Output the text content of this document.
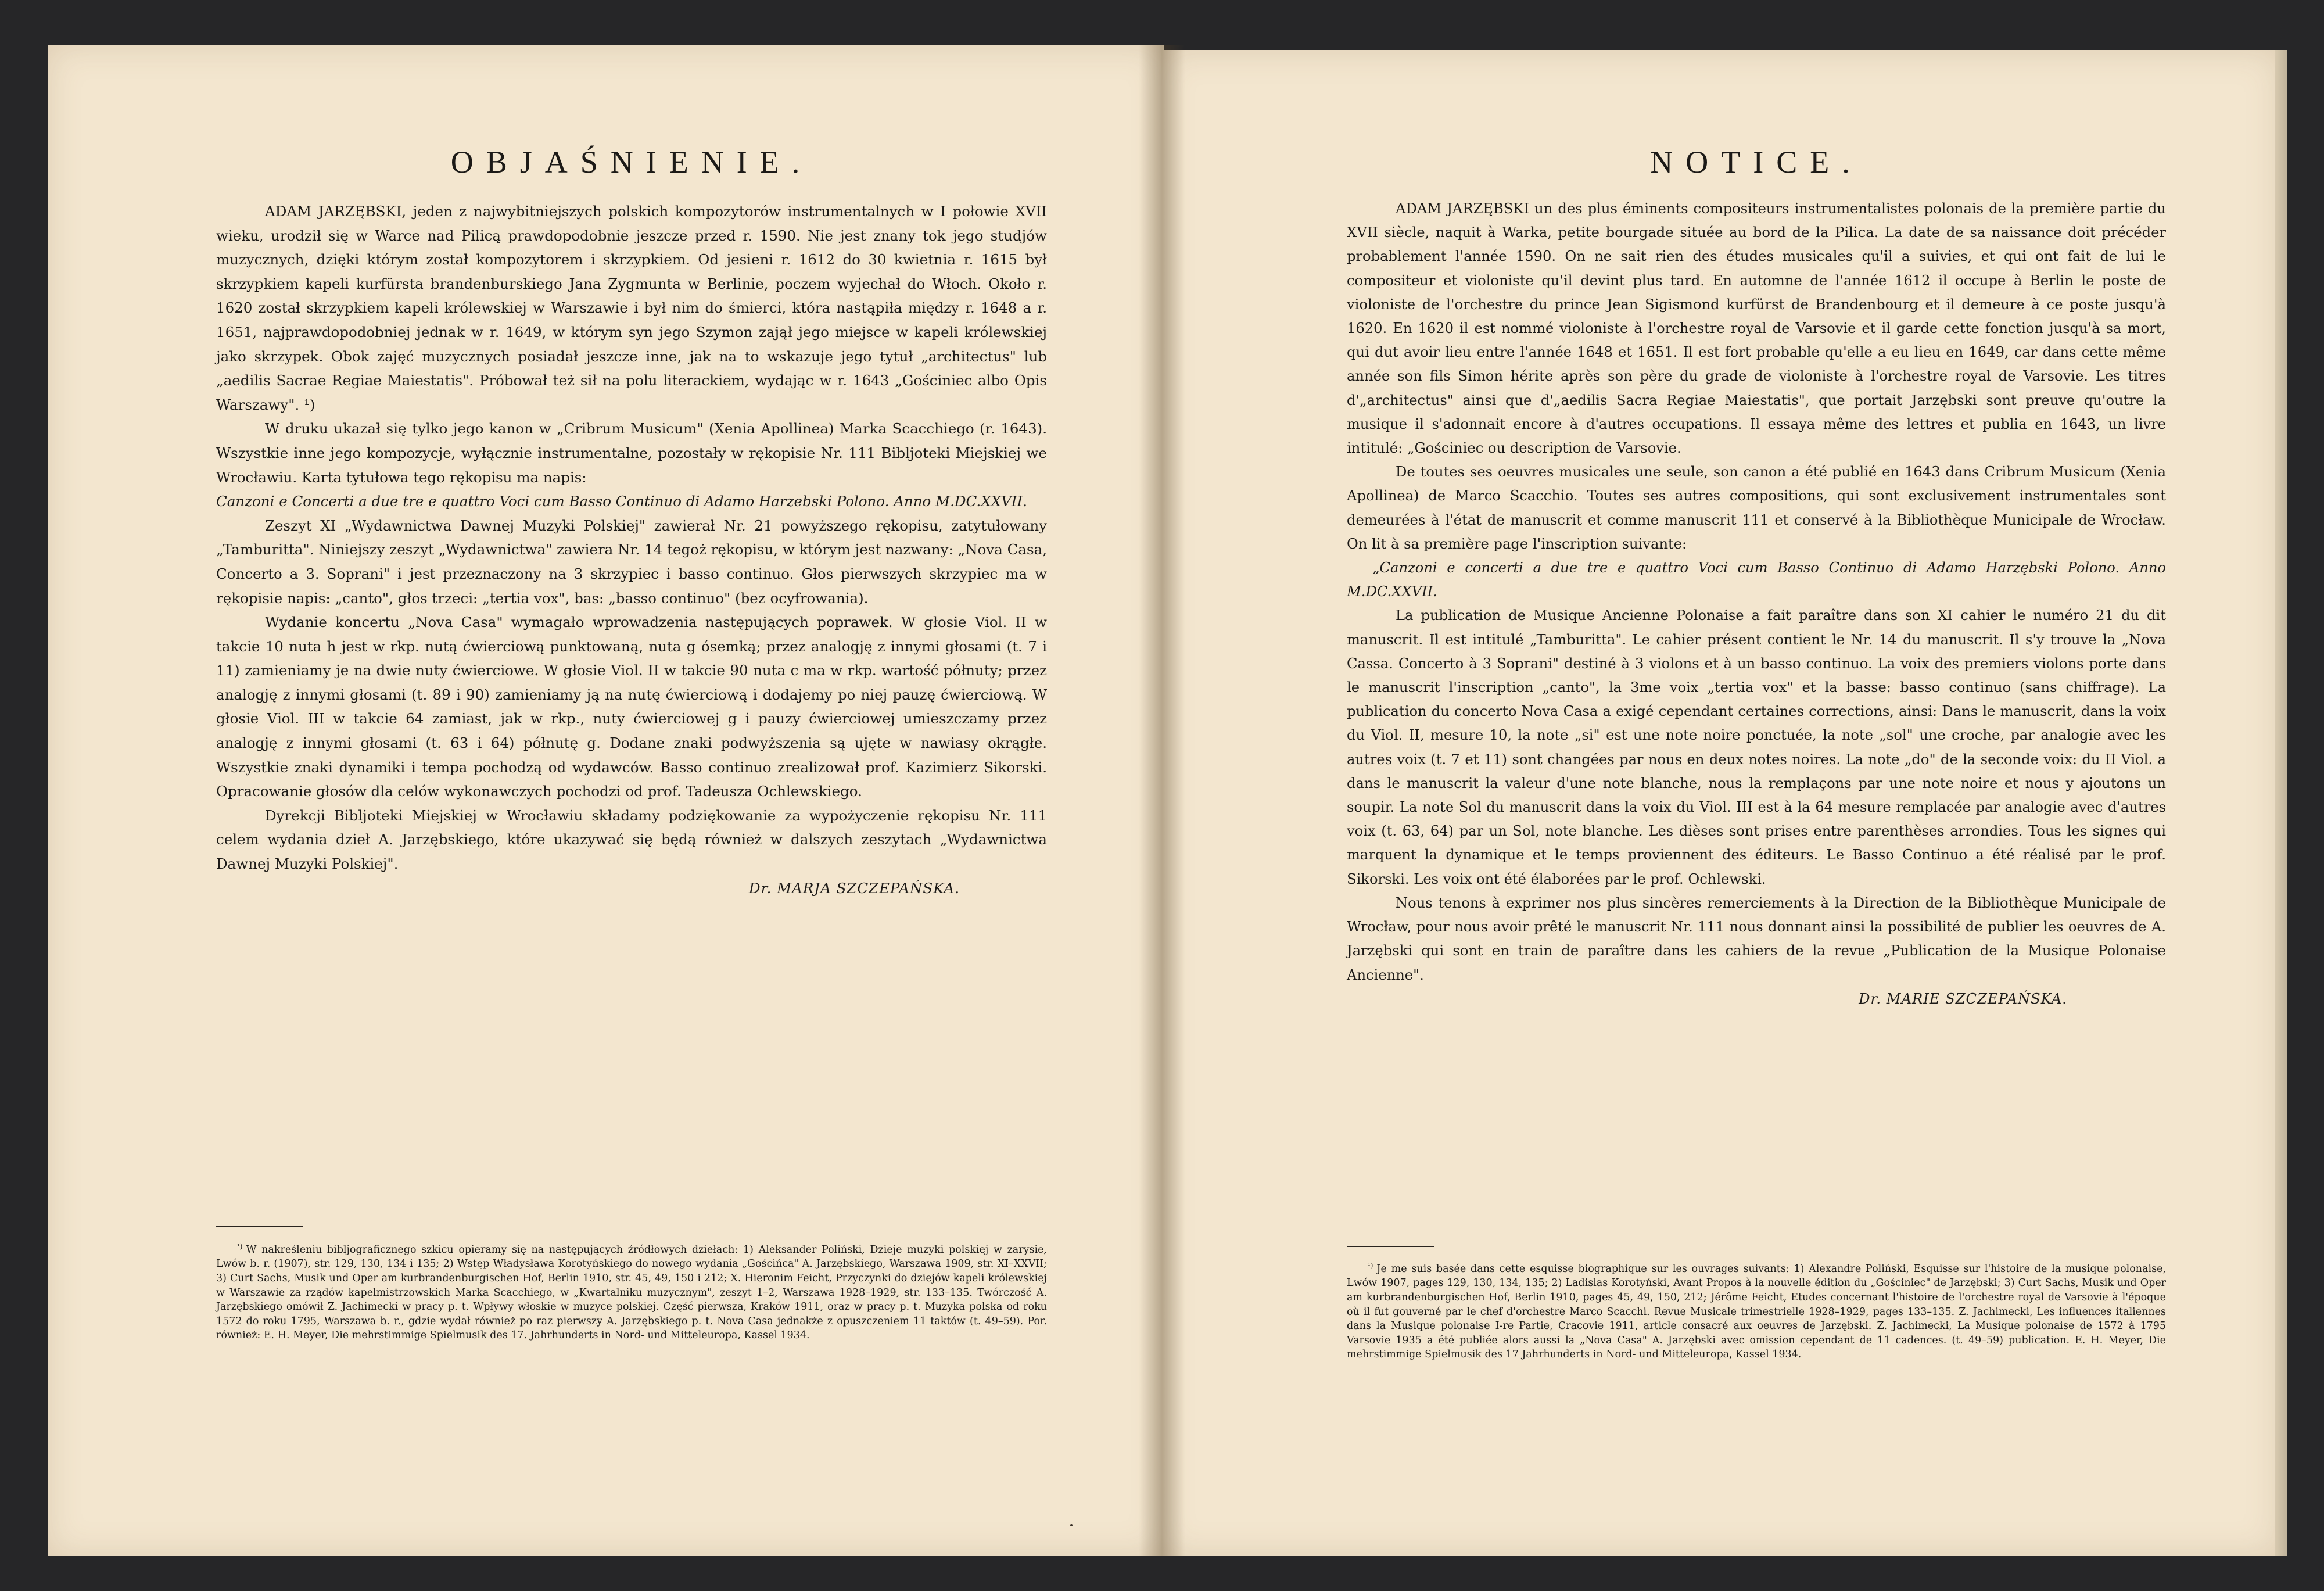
OBJAŚNIENIE.

ADAM JARZĘBSKI, jeden z najwybitniejszych polskich kompozytorów instrumentalnych w I połowie XVII wieku, urodził się w Warce nad Pilicą prawdopodobnie jeszcze przed r. 1590. Nie jest znany tok jego studjów muzycznych, dzięki którym został kompozytorem i skrzypkiem. Od jesieni r. 1612 do 30 kwietnia r. 1615 był skrzypkiem kapeli kurfürsta brandenburskiego Jana Zygmunta w Berlinie, poczem wyjechał do Włoch. Około r. 1620 został skrzypkiem kapeli królewskiej w Warszawie i był nim do śmierci, która nastąpiła między r. 1648 a r. 1651, najprawdopodobniej jednak w r. 1649, w którym syn jego Szymon zajął jego miejsce w kapeli królewskiej jako skrzypek. Obok zajęć muzycznych posiadał jeszcze inne, jak na to wskazuje jego tytuł „architectus" lub „aedilis Sacrae Regiae Maiestatis". Próbował też sił na polu literackiem, wydając w r. 1643 „Gościniec albo Opis Warszawy". ¹)

W druku ukazał się tylko jego kanon w „Cribrum Musicum" (Xenia Apollinea) Marka Scacchiego (r. 1643). Wszystkie inne jego kompozycje, wyłącznie instrumentalne, pozostały w rękopisie Nr. 111 Bibljoteki Miejskiej we Wrocławiu. Karta tytułowa tego rękopisu ma napis:

Canzoni e Concerti a due tre e quattro Voci cum Basso Continuo di Adamo Harzebski Polono. Anno M.DC.XXVII.

Zeszyt XI „Wydawnictwa Dawnej Muzyki Polskiej" zawierał Nr. 21 powyższego rękopisu, zatytułowany „Tamburitta". Niniejszy zeszyt „Wydawnictwa" zawiera Nr. 14 tegoż rękopisu, w którym jest nazwany: „Nova Casa, Concerto a 3. Soprani" i jest przeznaczony na 3 skrzypiec i basso continuo. Głos pierwszych skrzypiec ma w rękopisie napis: „canto", głos trzeci: „tertia vox", bas: „basso continuo" (bez ocyfrowania).

Wydanie koncertu „Nova Casa" wymagało wprowadzenia następujących poprawek. W głosie Viol. II w takcie 10 nuta h jest w rkp. nutą ćwierciową punktowaną, nuta g ósemką; przez analogję z innymi głosami (t. 7 i 11) zamieniamy je na dwie nuty ćwierciowe. W głosie Viol. II w takcie 90 nuta c ma w rkp. wartość półnuty; przez analogję z innymi głosami (t. 89 i 90) zamieniamy ją na nutę ćwierciową i dodajemy po niej pauzę ćwierciową. W głosie Viol. III w takcie 64 zamiast, jak w rkp., nuty ćwierciowej g i pauzy ćwierciowej umieszczamy przez analogję z innymi głosami (t. 63 i 64) półnutę g. Dodane znaki podwyższenia są ujęte w nawiasy okrągłe. Wszystkie znaki dynamiki i tempa pochodzą od wydawców. Basso continuo zrealizował prof. Kazimierz Sikorski. Opracowanie głosów dla celów wykonawczych pochodzi od prof. Tadeusza Ochlewskiego.

Dyrekcji Bibljoteki Miejskiej w Wrocławiu składamy podziękowanie za wypożyczenie rękopisu Nr. 111 celem wydania dzieł A. Jarzębskiego, które ukazywać się będą również w dalszych zeszytach „Wydawnictwa Dawnej Muzyki Polskiej".

Dr. MARJA SZCZEPAŃSKA.

$^{^1)}$ W nakreśleniu bibljograficznego szkicu opieramy się na następujących źródłowych dziełach: 1) Aleksander Poliński, Dzieje muzyki polskiej w zarysie, Lwów b. r. (1907), str. 129, 130, 134 i 135; 2) Wstęp Władysława Korotyńskiego do nowego wydania „Gościńca" A. Jarzębskiego, Warszawa 1909, str. XI–XXVII; 3) Curt Sachs, Musik und Oper am kurbrandenburgischen Hof, Berlin 1910, str. 45, 49, 150 i 212; X. Hieronim Feicht, Przyczynki do dziejów kapeli królewskiej w Warszawie za rządów kapelmistrzowskich Marka Scacchiego, w „Kwartalniku muzycznym", zeszyt 1–2, Warszawa 1928–1929, str. 133–135. Twórczość A. Jarzębskiego omówił Z. Jachimecki w pracy p. t. Wpływy włoskie w muzyce polskiej. Część pierwsza, Kraków 1911, oraz w pracy p. t. Muzyka polska od roku 1572 do roku 1795, Warszawa b. r., gdzie wydał również po raz pierwszy A. Jarzębskiego p. t. Nova Casa jednakże z opuszczeniem 11 taktów (t. 49–59). Por. również: E. H. Meyer, Die mehrstimmige Spielmusik des 17. Jahrhunderts in Nord- und Mitteleuropa, Kassel 1934.

NOTICE.

ADAM JARZĘBSKI un des plus éminents compositeurs instrumentalistes polonais de la première partie du XVII siècle, naquit à Warka, petite bourgade située au bord de la Pilica. La date de sa naissance doit précéder probablement l'année 1590. On ne sait rien des études musicales qu'il a suivies, et qui ont fait de lui le compositeur et violoniste qu'il devint plus tard. En automne de l'année 1612 il occupe à Berlin le poste de violoniste de l'orchestre du prince Jean Sigismond kurfürst de Brandenbourg et il demeure à ce poste jusqu'à 1620. En 1620 il est nommé violoniste à l'orchestre royal de Varsovie et il garde cette fonction jusqu'à sa mort, qui dut avoir lieu entre l'année 1648 et 1651. Il est fort probable qu'elle a eu lieu en 1649, car dans cette même année son fils Simon hérite après son père du grade de violoniste à l'orchestre royal de Varsovie. Les titres d'„architectus" ainsi que d'„aedilis Sacra Regiae Maiestatis", que portait Jarzębski sont preuve qu'outre la musique il s'adonnait encore à d'autres occupations. Il essaya même des lettres et publia en 1643, un livre intitulé: „Gościniec ou description de Varsovie.

De toutes ses oeuvres musicales une seule, son canon a été publié en 1643 dans Cribrum Musicum (Xenia Apollinea) de Marco Scacchio. Toutes ses autres compositions, qui sont exclusivement instrumentales sont demeurées à l'état de manuscrit et comme manuscrit 111 et conservé à la Bibliothèque Municipale de Wrocław. On lit à sa première page l'inscription suivante:

„Canzoni e concerti a due tre e quattro Voci cum Basso Continuo di Adamo Harzębski Polono. Anno M.DC.XXVII.

La publication de Musique Ancienne Polonaise a fait paraître dans son XI cahier le numéro 21 du dit manuscrit. Il est intitulé „Tamburitta". Le cahier présent contient le Nr. 14 du manuscrit. Il s'y trouve la „Nova Cassa. Concerto à 3 Soprani" destiné à 3 violons et à un basso continuo. La voix des premiers violons porte dans le manuscrit l'inscription „canto", la 3me voix „tertia vox" et la basse: basso continuo (sans chiffrage). La publication du concerto Nova Casa a exigé cependant certaines corrections, ainsi: Dans le manuscrit, dans la voix du Viol. II, mesure 10, la note „si" est une note noire ponctuée, la note „sol" une croche, par analogie avec les autres voix (t. 7 et 11) sont changées par nous en deux notes noires. La note „do" de la seconde voix: du II Viol. a dans le manuscrit la valeur d'une note blanche, nous la remplaçons par une note noire et nous y ajoutons un soupir. La note Sol du manuscrit dans la voix du Viol. III est à la 64 mesure remplacée par analogie avec d'autres voix (t. 63, 64) par un Sol, note blanche. Les dièses sont prises entre parenthèses arrondies. Tous les signes qui marquent la dynamique et le temps proviennent des éditeurs. Le Basso Continuo a été réalisé par le prof. Sikorski. Les voix ont été élaborées par le prof. Ochlewski.

Nous tenons à exprimer nos plus sincères remerciements à la Direction de la Bibliothèque Municipale de Wrocław, pour nous avoir prêté le manuscrit Nr. 111 nous donnant ainsi la possibilité de publier les oeuvres de A. Jarzębski qui sont en train de paraître dans les cahiers de la revue „Publication de la Musique Polonaise Ancienne".

Dr. MARIE SZCZEPAŃSKA.

$^{^1)}$ Je me suis basée dans cette esquisse biographique sur les ouvrages suivants: 1) Alexandre Poliński, Esquisse sur l'histoire de la musique polonaise, Lwów 1907, pages 129, 130, 134, 135; 2) Ladislas Korotyński, Avant Propos à la nouvelle édition du „Gościniec" de Jarzębski; 3) Curt Sachs, Musik und Oper am kurbrandenburgischen Hof, Berlin 1910, pages 45, 49, 150, 212; Jérôme Feicht, Etudes concernant l'histoire de l'orchestre royal de Varsovie à l'époque où il fut gouverné par le chef d'orchestre Marco Scacchi. Revue Musicale trimestrielle 1928–1929, pages 133–135. Z. Jachimecki, Les influences italiennes dans la Musique polonaise I-re Partie, Cracovie 1911, article consacré aux oeuvres de Jarzębski. Z. Jachimecki, La Musique polonaise de 1572 à 1795 Varsovie 1935 a été publiée alors aussi la „Nova Casa" A. Jarzębski avec omission cependant de 11 cadences. (t. 49–59) publication. E. H. Meyer, Die mehrstimmige Spielmusik des 17 Jahrhunderts in Nord- und Mitteleuropa, Kassel 1934.
